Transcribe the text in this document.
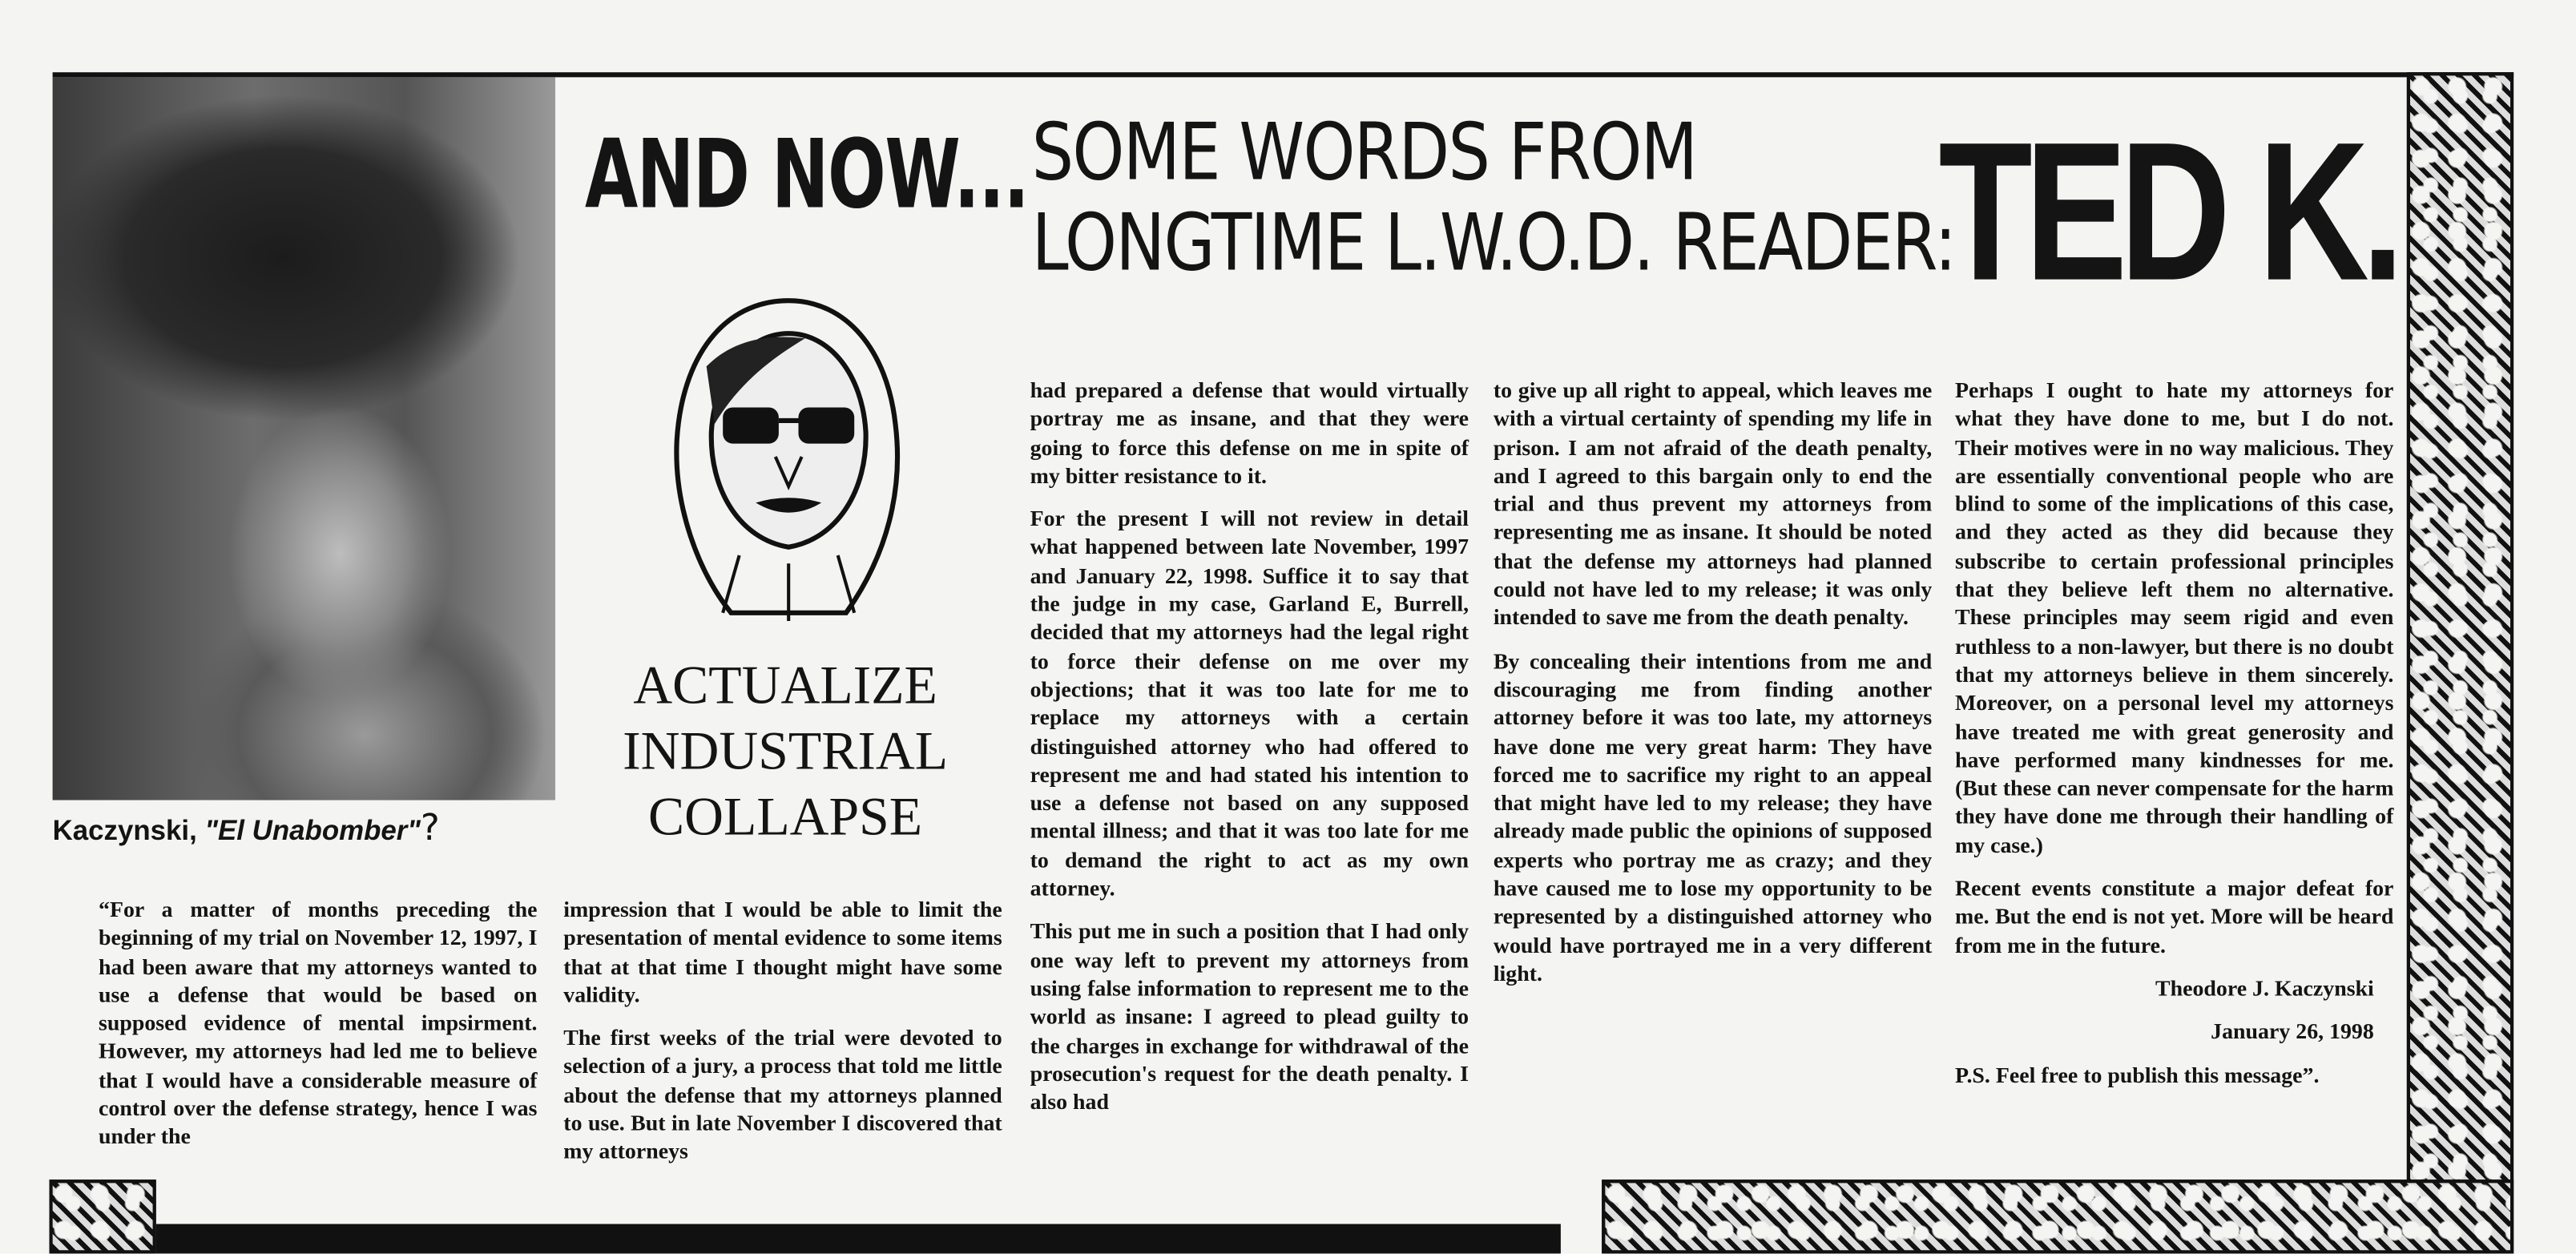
Kaczynski, "El Unabomber"?
AND NOW... SOME WORDS FROM
LONGTIME L.W.O.D. READER:
TED K.
ACTUALIZE
INDUSTRIAL
COLLAPSE

“For a matter of months preceding the beginning of my trial on November 12, 1997, I had been aware that my attorneys wanted to use a defense that would be based on supposed evidence of mental impsirment. However, my attorneys had led me to believe that I would have a considerable measure of control over the defense strategy, hence I was under the

impression that I would be able to limit the presentation of mental evidence to some items that at that time I thought might have some validity.

The first weeks of the trial were devoted to selection of a jury, a process that told me little about the defense that my attorneys planned to use. But in late November I discovered that my attorneys

had prepared a defense that would virtually portray me as insane, and that they were going to force this defense on me in spite of my bitter resistance to it.

For the present I will not review in detail what happened between late November, 1997 and January 22, 1998. Suffice it to say that the judge in my case, Garland E, Burrell, decided that my attorneys had the legal right to force their defense on me over my objections; that it was too late for me to replace my attorneys with a certain distinguished attorney who had offered to represent me and had stated his intention to use a defense not based on any supposed mental illness; and that it was too late for me to demand the right to act as my own attorney.

This put me in such a position that I had only one way left to prevent my attorneys from using false information to represent me to the world as insane: I agreed to plead guilty to the charges in exchange for withdrawal of the prosecution's request for the death penalty. I also had

to give up all right to appeal, which leaves me with a virtual certainty of spending my life in prison. I am not afraid of the death penalty, and I agreed to this bargain only to end the trial and thus prevent my attorneys from representing me as insane. It should be noted that the defense my attorneys had planned could not have led to my release; it was only intended to save me from the death penalty.

By concealing their intentions from me and discouraging me from finding another attorney before it was too late, my attorneys have done me very great harm: They have forced me to sacrifice my right to an appeal that might have led to my release; they have already made public the opinions of supposed experts who portray me as crazy; and they have caused me to lose my opportunity to be represented by a distinguished attorney who would have portrayed me in a very different light.

Perhaps I ought to hate my attorneys for what they have done to me, but I do not. Their motives were in no way malicious. They are essentially conventional people who are blind to some of the implications of this case, and they acted as they did because they subscribe to certain professional principles that they believe left them no alternative. These principles may seem rigid and even ruthless to a non-lawyer, but there is no doubt that my attorneys believe in them sincerely. Moreover, on a personal level my attorneys have treated me with great generosity and have performed many kindnesses for me. (But these can never compensate for the harm they have done me through their handling of my case.)

Recent events constitute a major defeat for me. But the end is not yet. More will be heard from me in the future.

Theodore J. Kaczynski

January 26, 1998

P.S. Feel free to publish this message”.
